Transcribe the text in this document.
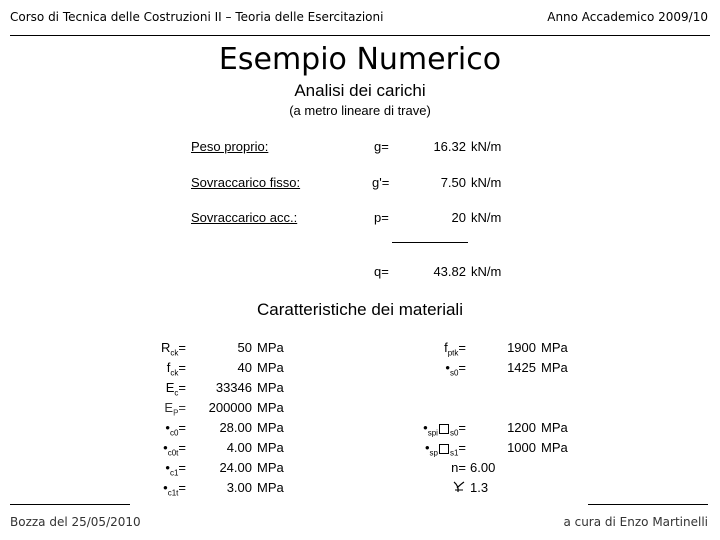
Corso di Tecnica delle Costruzioni II – Teoria delle Esercitazioni	Anno Accademico 2009/10
Esempio Numerico
Analisi dei carichi
(a metro lineare di trave)
Peso proprio:	g=	16.32 kN/m
Sovraccarico fisso:	g'=	7.50 kN/m
Sovraccarico acc.:	p=	20 kN/m
q=	43.82 kN/m
Caratteristiche dei materiali
$R_{ck}=$	50 MPa
$f_{ck}=$	40 MPa
$E_c=$	33346 MPa
$E_P=$	200000 MPa
$•_{c0}=$	28.00 MPa
$•_{c0t}=$	4.00 MPa
$•_{c1}=$	24.00 MPa
$•_{c1t}=$	3.00 MPa
$f_{ptk}=$	1900 MPa
$•_{s0}=$	1425 MPa
$•_{spi}$ $_{s0}$=	1200 MPa
$•_{sp}$ $_{s1}$=	1000 MPa
n= 6.00
1.3
Bozza del 25/05/2010	a cura di Enzo Martinelli
